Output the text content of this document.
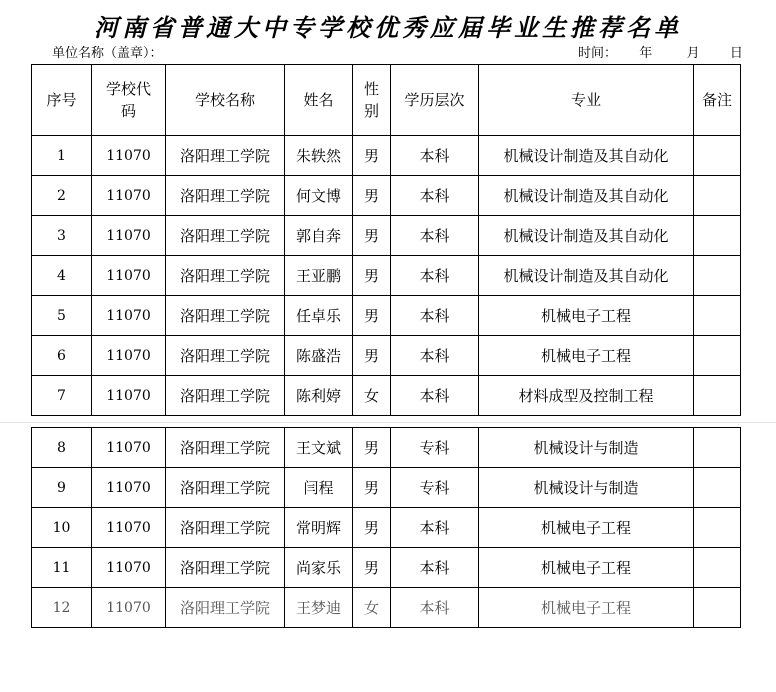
河南省普通大中专学校优秀应届毕业生推荐名单
单位名称（盖章）：	时间： 年	月 日
序号	学校代码	学校名称	姓名	性别	学历层次	专业	备注
1	11070	洛阳理工学院	朱轶然	男	本科	机械设计制造及其自动化	
2	11070	洛阳理工学院	何文博	男	本科	机械设计制造及其自动化	
3	11070	洛阳理工学院	郭自奔	男	本科	机械设计制造及其自动化	
4	11070	洛阳理工学院	王亚鹏	男	本科	机械设计制造及其自动化	
5	11070	洛阳理工学院	任卓乐	男	本科	机械电子工程	
6	11070	洛阳理工学院	陈盛浩	男	本科	机械电子工程	
7	11070	洛阳理工学院	陈利婷	女	本科	材料成型及控制工程	
8	11070	洛阳理工学院	王文斌	男	专科	机械设计与制造	
9	11070	洛阳理工学院	闫程	男	专科	机械设计与制造	
10	11070	洛阳理工学院	常明辉	男	本科	机械电子工程	
11	11070	洛阳理工学院	尚家乐	男	本科	机械电子工程	
12	11070	洛阳理工学院	王梦迪	女	本科	机械电子工程	
